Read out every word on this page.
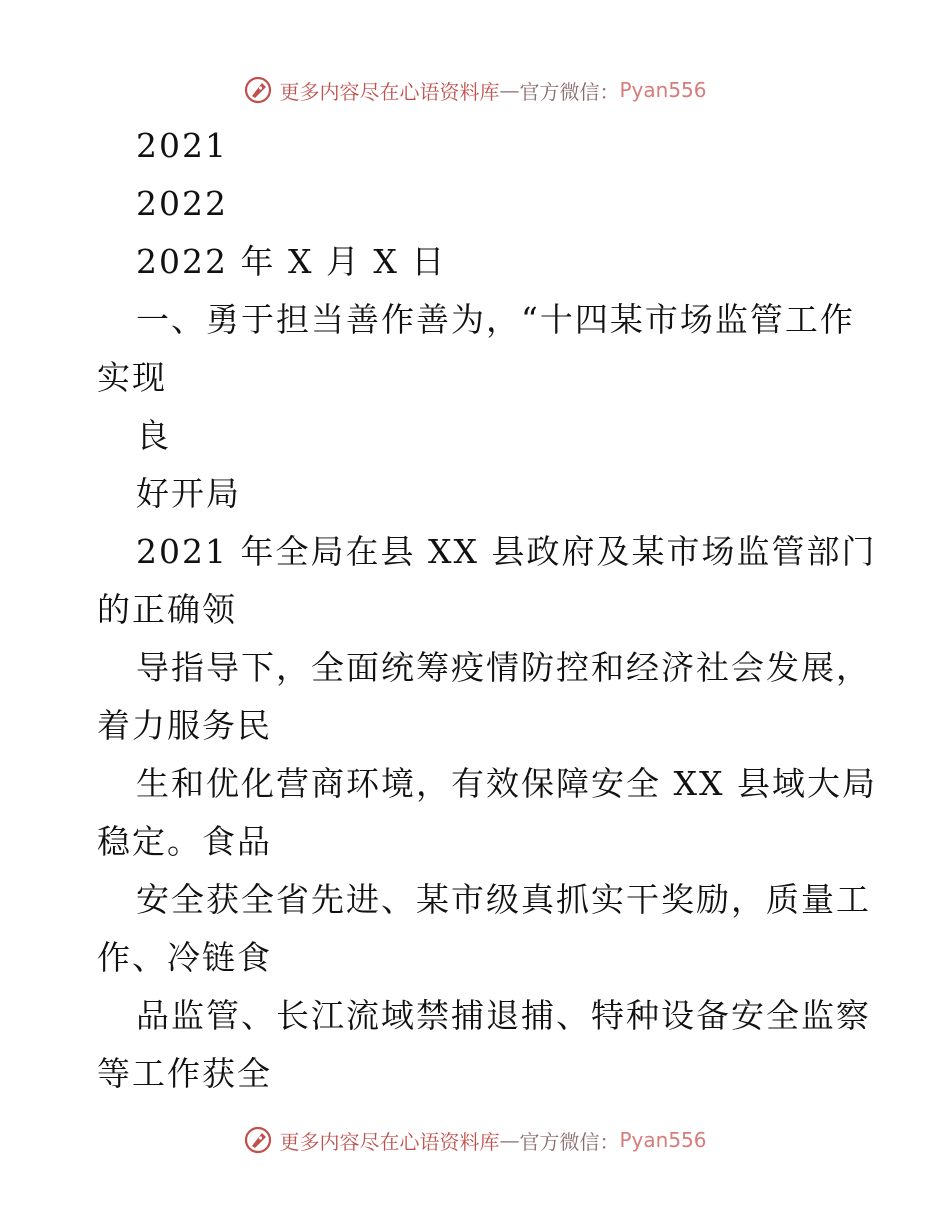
更多内容尽在心语资料库 — 官方微信： Pyan556
2021
2022
2022 年 X 月 X 日
一、勇于担当善作善为，“十四某市场监管工作
实现
良
好开局
2021 年全局在县 XX 县政府及某市场监管部门
的正确领
导指导下，全面统筹疫情防控和经济社会发展，
着力服务民
生和优化营商环境，有效保障安全 XX 县域大局
稳定。食品
安全获全省先进、某市级真抓实干奖励，质量工
作、冷链食
品监管、长江流域禁捕退捕、特种设备安全监察
等工作获全
更多内容尽在心语资料库 — 官方微信： Pyan556
